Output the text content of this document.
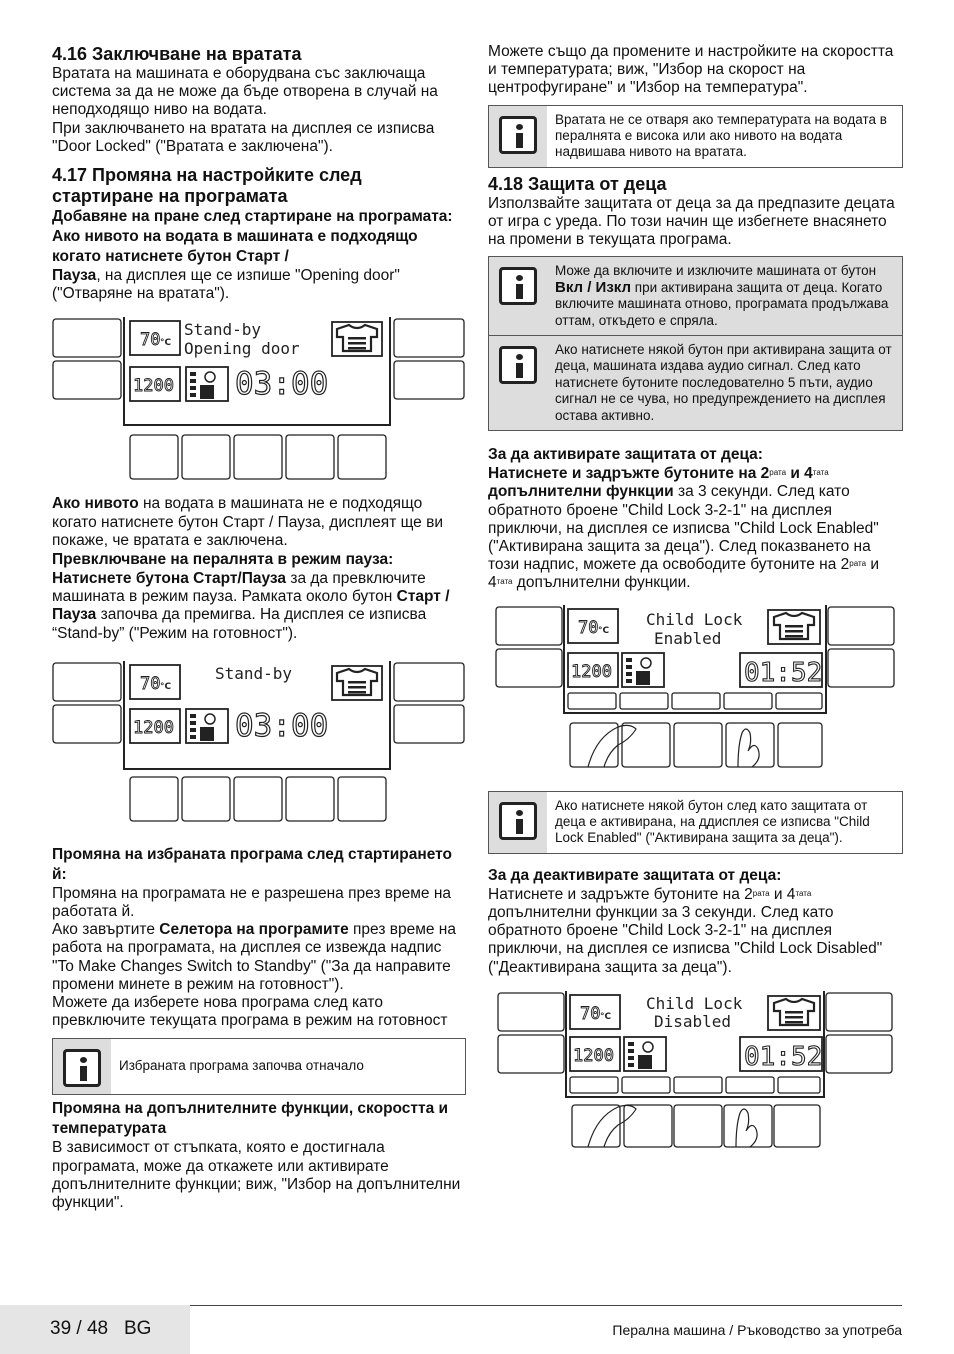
4.16 Заключване на вратата

Вратата на машината е оборудвана със заключаща система за да не може да бъде отворена в случай на неподходящо ниво на водата.

При заключването на вратата на дисплея се изписва "Door Locked" ("Вратата е заключена").

4.17 Промяна на настройките след стартиране на програмата
Добавяне на пране след стартиране на програмата:
Ако нивото на водата в машината е подходящо когато натиснете бутон Старт /

Пауза, на дисплея ще се изпише "Opening door" ("Отваряне на вратата").

70 °C
1200 03:00
Stand-by
Opening door

Ако нивото на водата в машината не е подходящо когато натиснете бутон Старт / Пауза, дисплеят ще ви покаже, че вратата е заключена.

Превключване на пералнята в режим пауза:

Натиснете бутона Старт/Пауза за да превключите машината в режим пауза. Рамката около бутон Старт / Пауза започва да премигва. На дисплея се изписва “Stand-by” ("Режим на готовност").

70 °C
1200 03:00
Stand-by
Промяна на избраната програма след стартирането й:

Промяна на програмата не е разрешена през време на работата й.

Ако завъртите Селетора на програмите през време на работа на програмата, на дисплея се извежда надпис "To Make Changes Switch to Standby" ("За да направите промени минете в режим на готовност").

Можете да изберете нова програма след като превключите текущата програма в режим на готовност

Избраната програма започва отначало
Промяна на допълнителните функции, скоростта и температурата

В зависимост от стъпката, която е достигнала програмата, може да откажете или активирате допълнителните функции; виж, "Избор на допълнителни функции".

Можете също да промените и настройките на скоростта и температурата; виж, "Избор на скорост на центрофугиране" и "Избор на температура".

Вратата не се отваря ако температурата на водата в пералнята е висока или ако нивото на водата надвишава нивото на вратата.
4.18 Защита от деца

Използвайте защитата от деца за да предпазите децата от игра с уреда. По този начин ще избегнете внасянето на промени в текущата програма.

Може да включите и изключите машината от бутон Вкл / Изкл при активирана защита от деца. Когато включите машината отново, програмата продължава оттам, откъдето е спряла.
Ако натиснете някой бутон при активирана защита от деца, машината издава аудио сигнал. След като натиснете бутоните последователно 5 пъти, аудио сигнал не се чува, но предупреждението на дисплея остава активно.
За да активирате защитата от деца:

Натиснете и задръжте бутоните на $2^{рата}$ и $4^{тата}$ допълнителни функции за 3 секунди. След като обратното броене "Child Lock 3-2-1" на дисплея приключи, на дисплея се изписва "Child Lock Enabled" ("Активирана защита за деца"). След показването на този надпис, можете да освободите бутоните на $2^{рата}$ и $4^{тата}$ допълнителни функции.

70 °C
1200	01:52
Child Lock
Enabled
Ако натиснете някой бутон след като защитата от деца е активирана, на ддисплея се изписва "Child Lock Enabled" ("Активирана защита за деца").
За да деактивирате защитата от деца:

Натиснете и задръжте бутоните на $2^{рата}$ и $4^{тата}$ допълнителни функции за 3 секунди. След като обратното броене "Child Lock 3-2-1" на дисплея приключи, на дисплея се изписва "Child Lock Disabled" ("Деактивирана защита за деца").

70 °C
1200	01:52
Child Lock
Disabled
39 / 48 BG	Перална машина / Ръководство за употреба
